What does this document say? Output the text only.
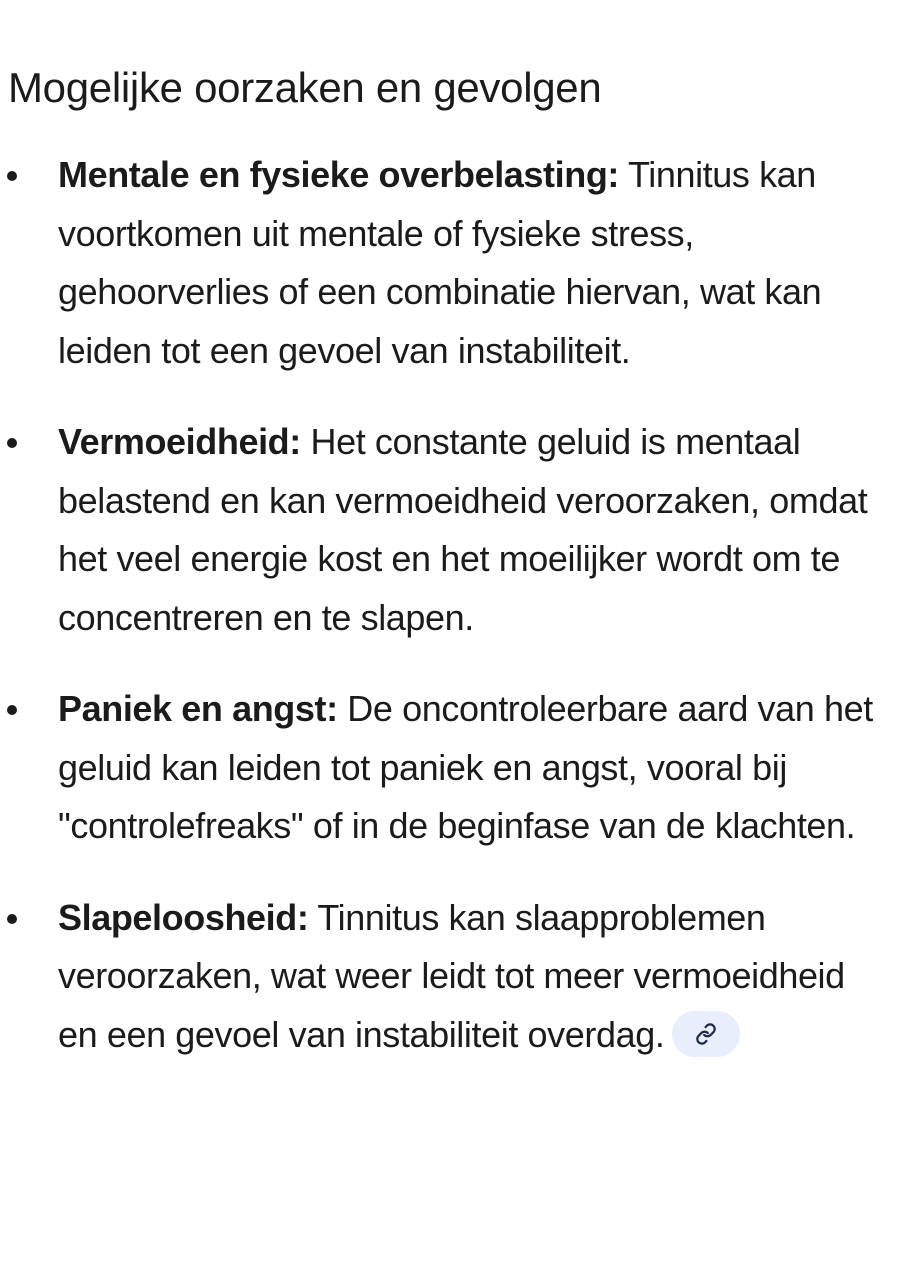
Mogelijke oorzaken en gevolgen
Mentale en fysieke overbelasting: Tinnitus kan voortkomen uit mentale of fysieke stress, gehoorverlies of een combinatie hiervan, wat kan leiden tot een gevoel van instabiliteit.
Vermoeidheid: Het constante geluid is mentaal belastend en kan vermoeidheid veroorzaken, omdat het veel energie kost en het moeilijker wordt om te concentreren en te slapen.
Paniek en angst: De oncontroleerbare aard van het geluid kan leiden tot paniek en angst, vooral bij "controlefreaks" of in de beginfase van de klachten.
Slapeloosheid: Tinnitus kan slaapproblemen veroorzaken, wat weer leidt tot meer vermoeidheid en een gevoel van instabiliteit overdag.
